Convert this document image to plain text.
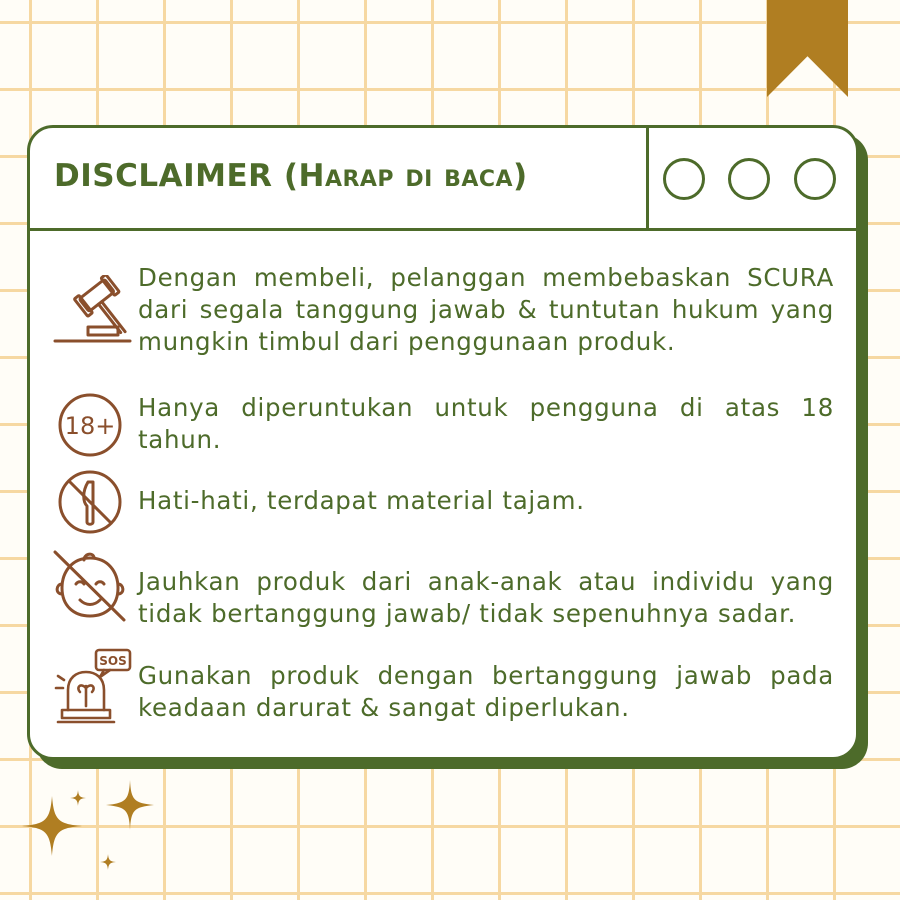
DISCLAIMER (Harap di baca)
Dengan membeli, pelanggan membebaskan SCURA dari segala tanggung jawab & tuntutan hukum yang mungkin timbul dari penggunaan produk.
18+
Hanya diperuntukan untuk pengguna di atas 18 tahun.
Hati-hati, terdapat material tajam.
Jauhkan produk dari anak-anak atau individu yang tidak bertanggung jawab/ tidak sepenuhnya sadar.
SOS Gunakan produk dengan bertanggung jawab pada keadaan darurat & sangat diperlukan.
